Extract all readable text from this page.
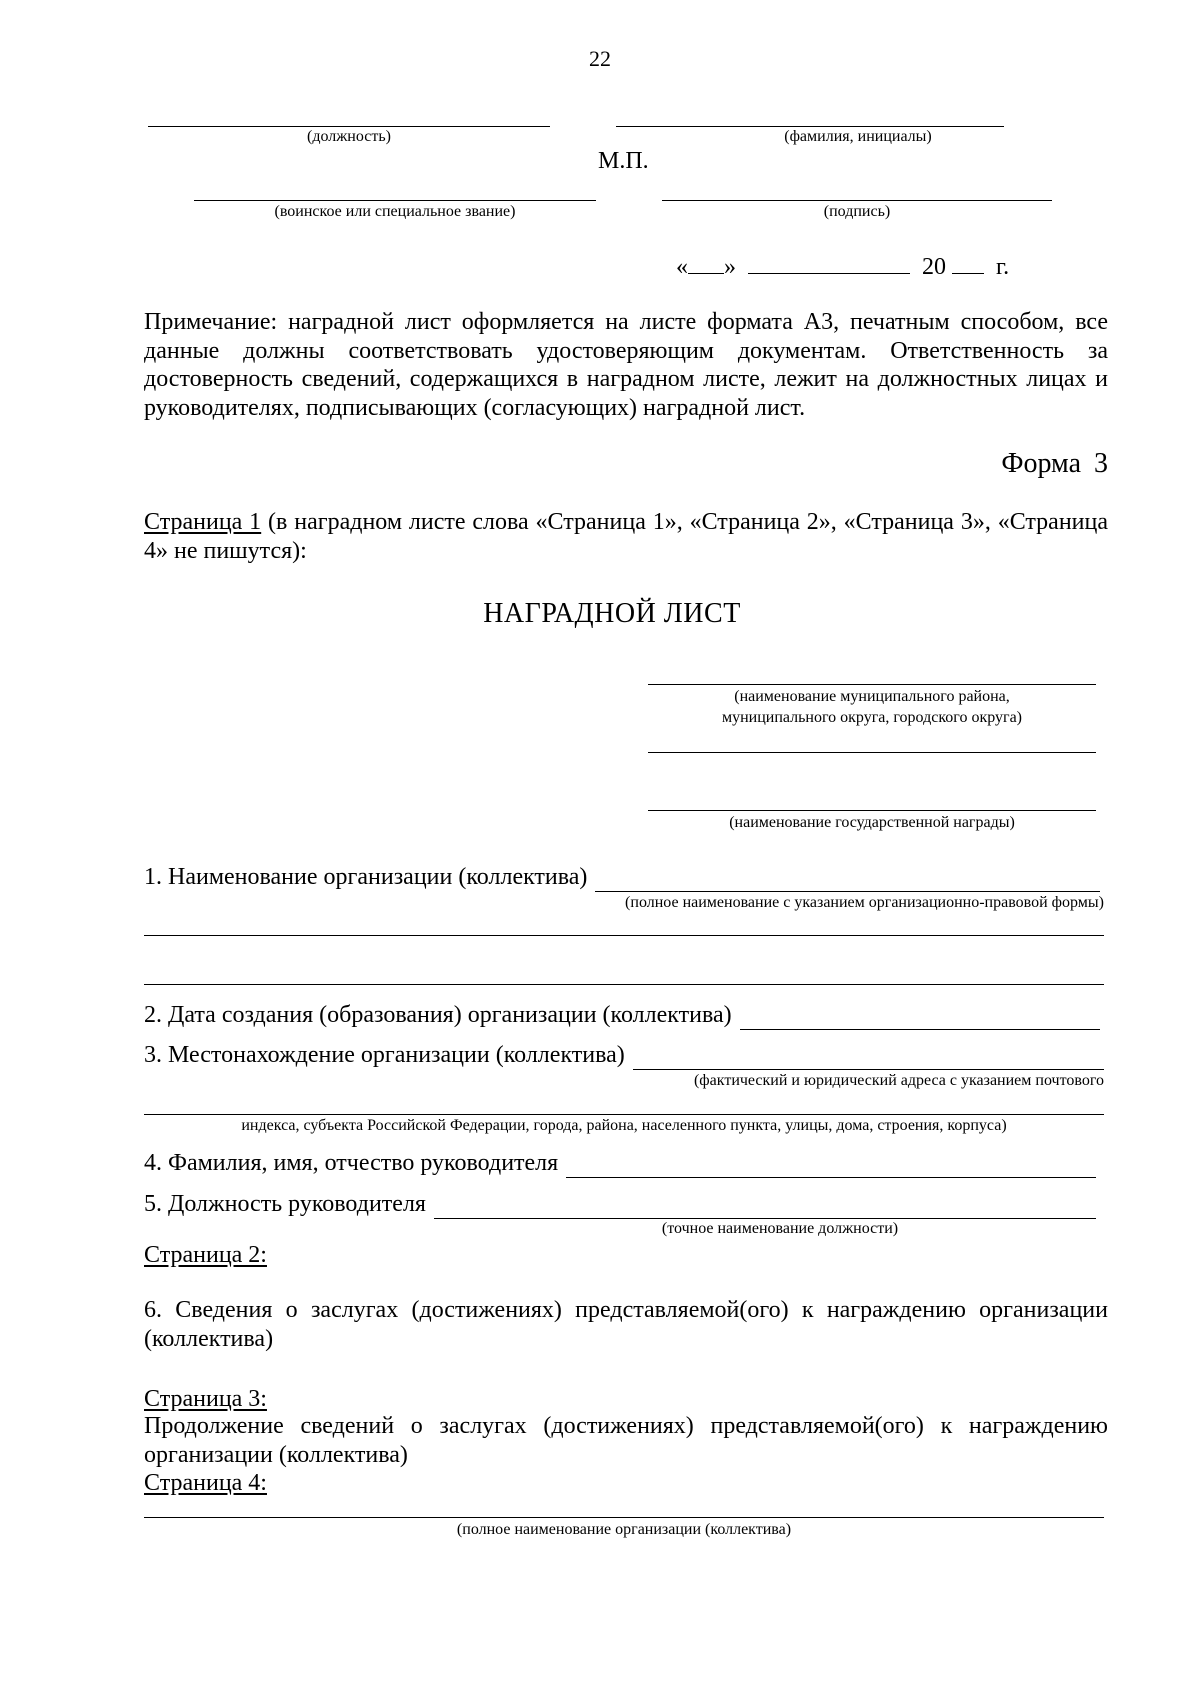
22
(должность)	(фамилия, инициалы)
М.П.
(воинское или специальное звание)	(подпись)
« »	20 г.
Примечание: наградной лист оформляется на листе формата А3, печатным способом, все данные должны соответствовать удостоверяющим документам. Ответственность за достоверность сведений, содержащихся в наградном листе, лежит на должностных лицах и руководителях, подписывающих (согласующих) наградной лист.
Форма 3
Страница 1 (в наградном листе слова «Страница 1», «Страница 2», «Страница 3», «Страница 4» не пишутся):
НАГРАДНОЙ ЛИСТ
(наименование муниципального района,
муниципального округа, городского округа)
(наименование государственной награды)
1. Наименование организации (коллектива)
(полное наименование с указанием организационно-правовой формы)
2. Дата создания (образования) организации (коллектива)
3. Местонахождение организации (коллектива)
(фактический и юридический адреса с указанием почтового
индекса, субъекта Российской Федерации, города, района, населенного пункта, улицы, дома, строения, корпуса)
4. Фамилия, имя, отчество руководителя
5. Должность руководителя
(точное наименование должности)
Страница 2:
6. Сведения о заслугах (достижениях) представляемой(ого) к награждению организации (коллектива)
Страница 3:
Продолжение сведений о заслугах (достижениях) представляемой(ого) к награждению организации (коллектива)
Страница 4:
(полное наименование организации (коллектива)
